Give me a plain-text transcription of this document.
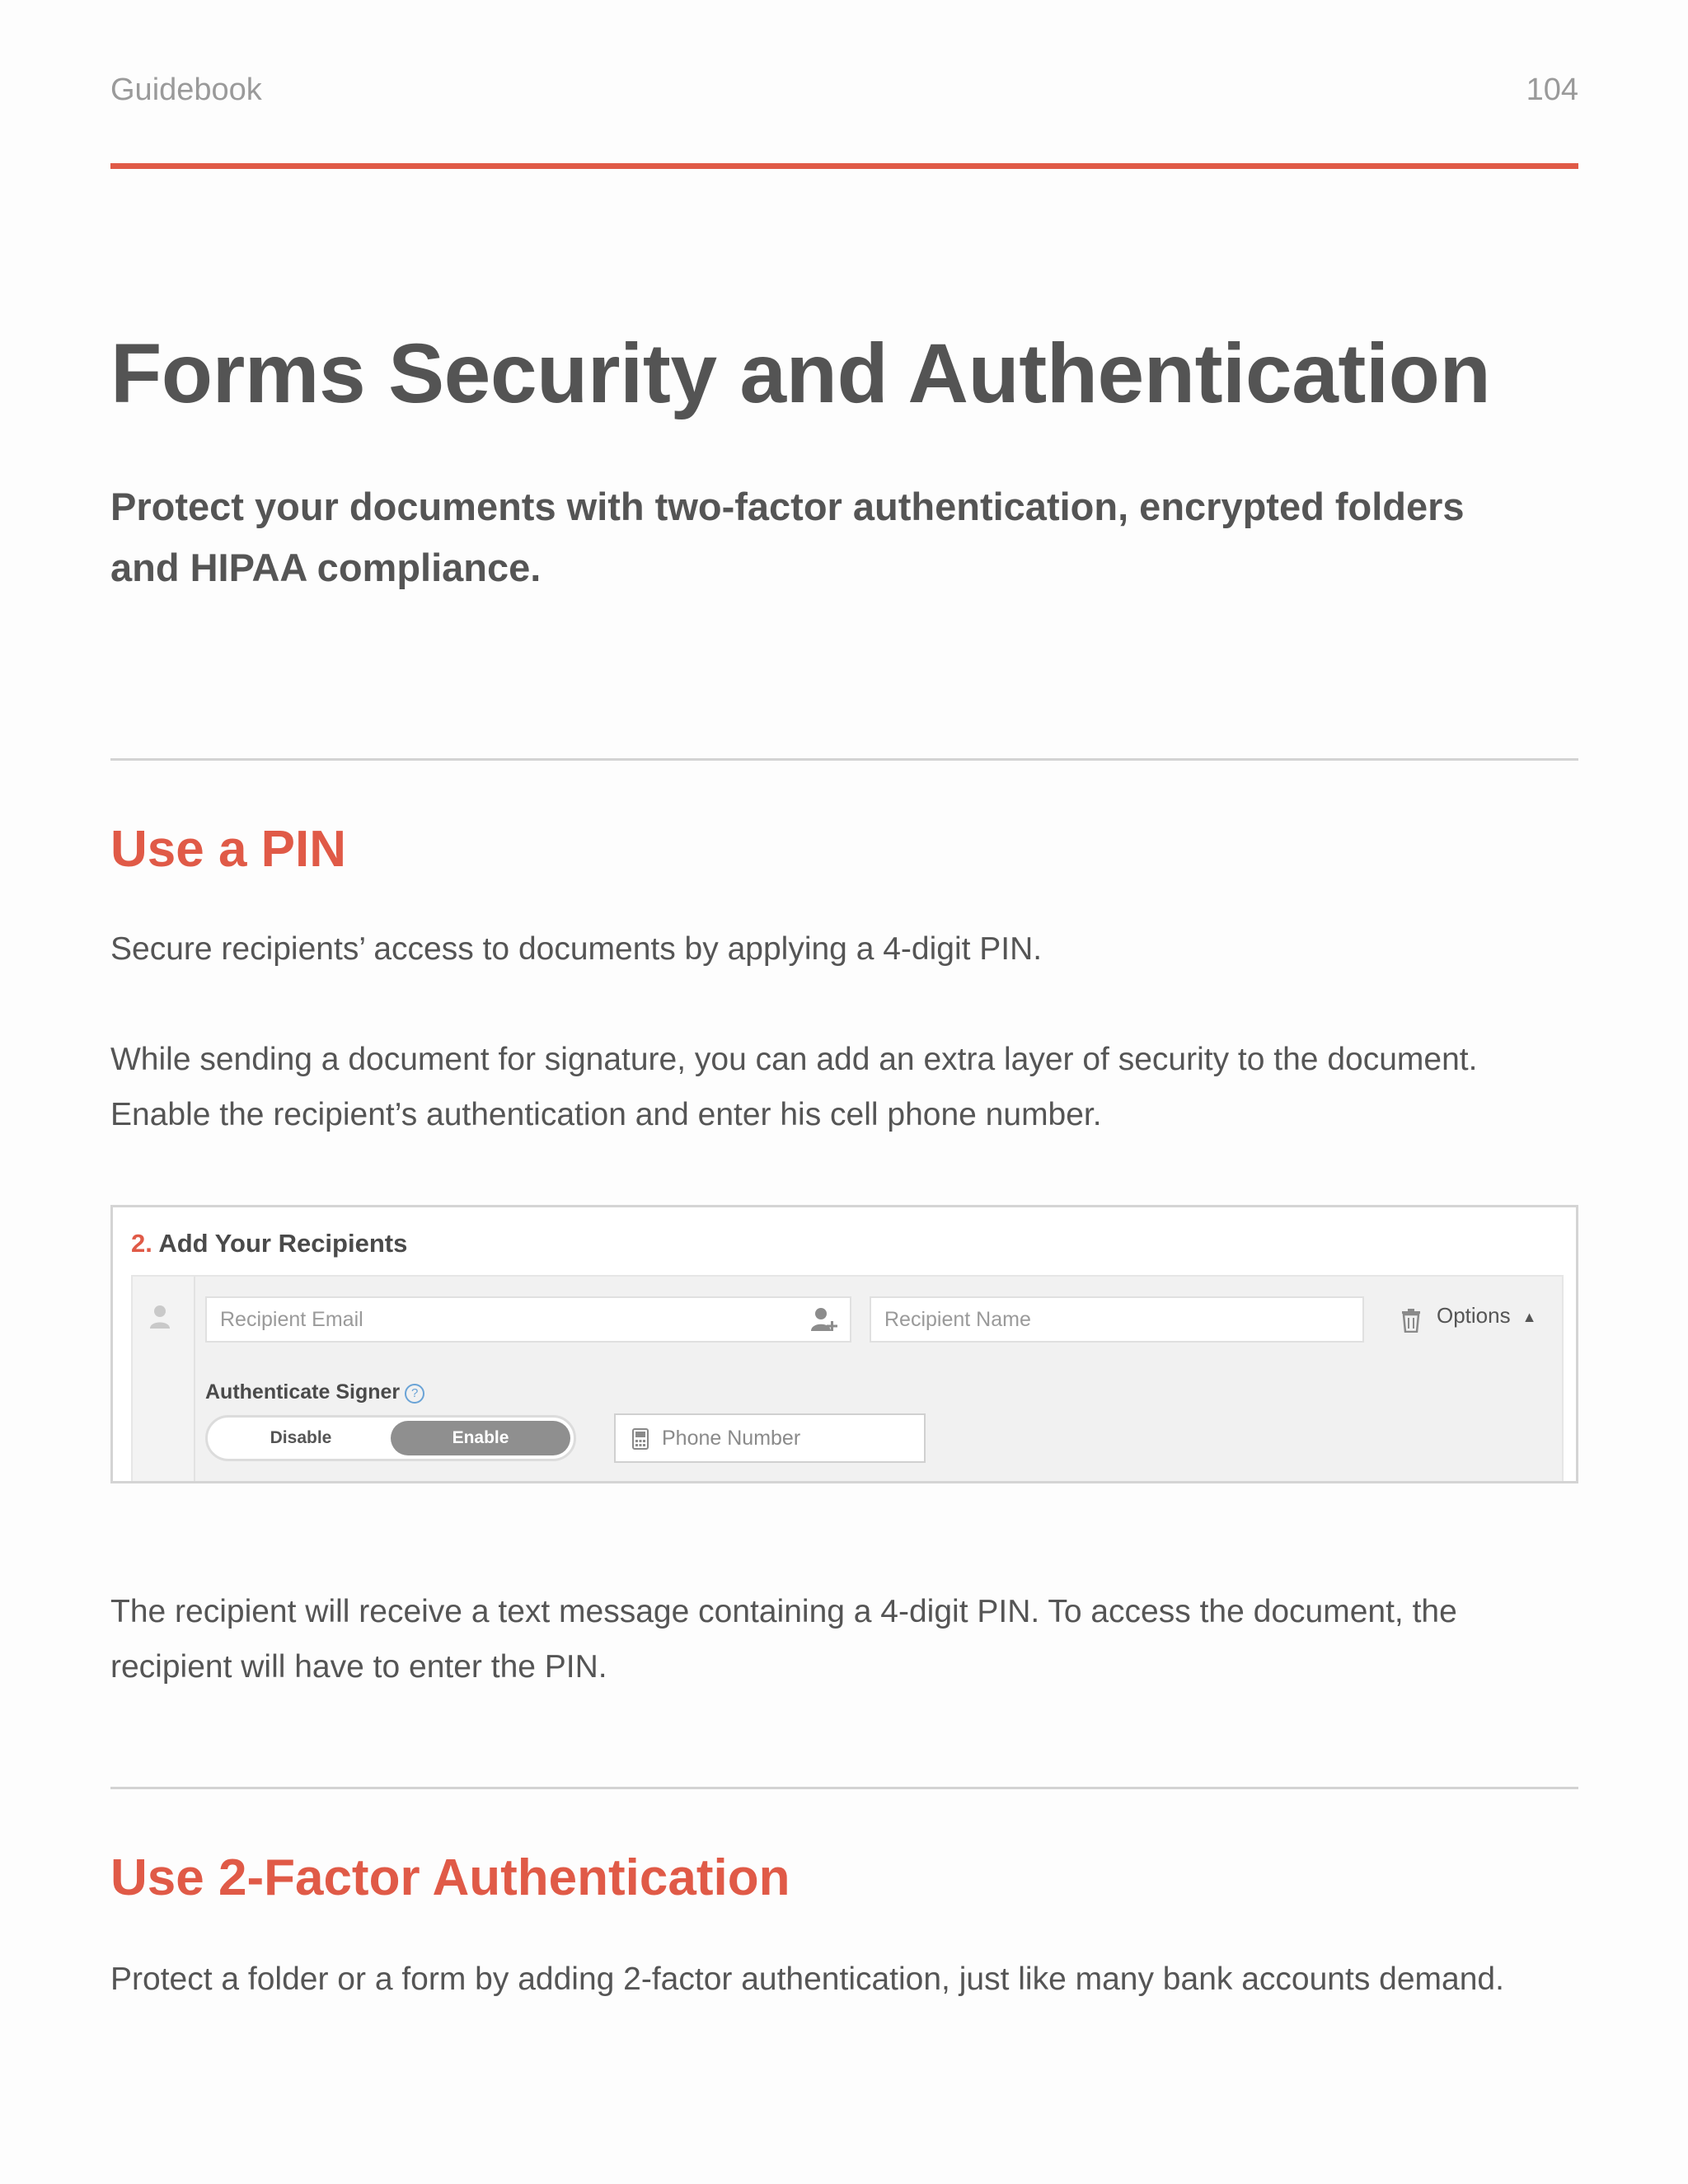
Guidebook	104
Forms Security and Authentication

Protect your documents with two-factor authentication, encrypted folders and HIPAA compliance.

Use a PIN

Secure recipients’ access to documents by applying a 4-digit PIN.

While sending a document for signature, you can add an extra layer of security to the document. Enable the recipient’s authentication and enter his cell phone number.

2. Add Your Recipients
Recipient Email	Recipient Name	Options ▲
Authenticate Signer ?
Disable	Enable	Phone Number

The recipient will receive a text message containing a 4-digit PIN. To access the document, the recipient will have to enter the PIN.

Use 2-Factor Authentication

Protect a folder or a form by adding 2-factor authentication, just like many bank accounts demand.
